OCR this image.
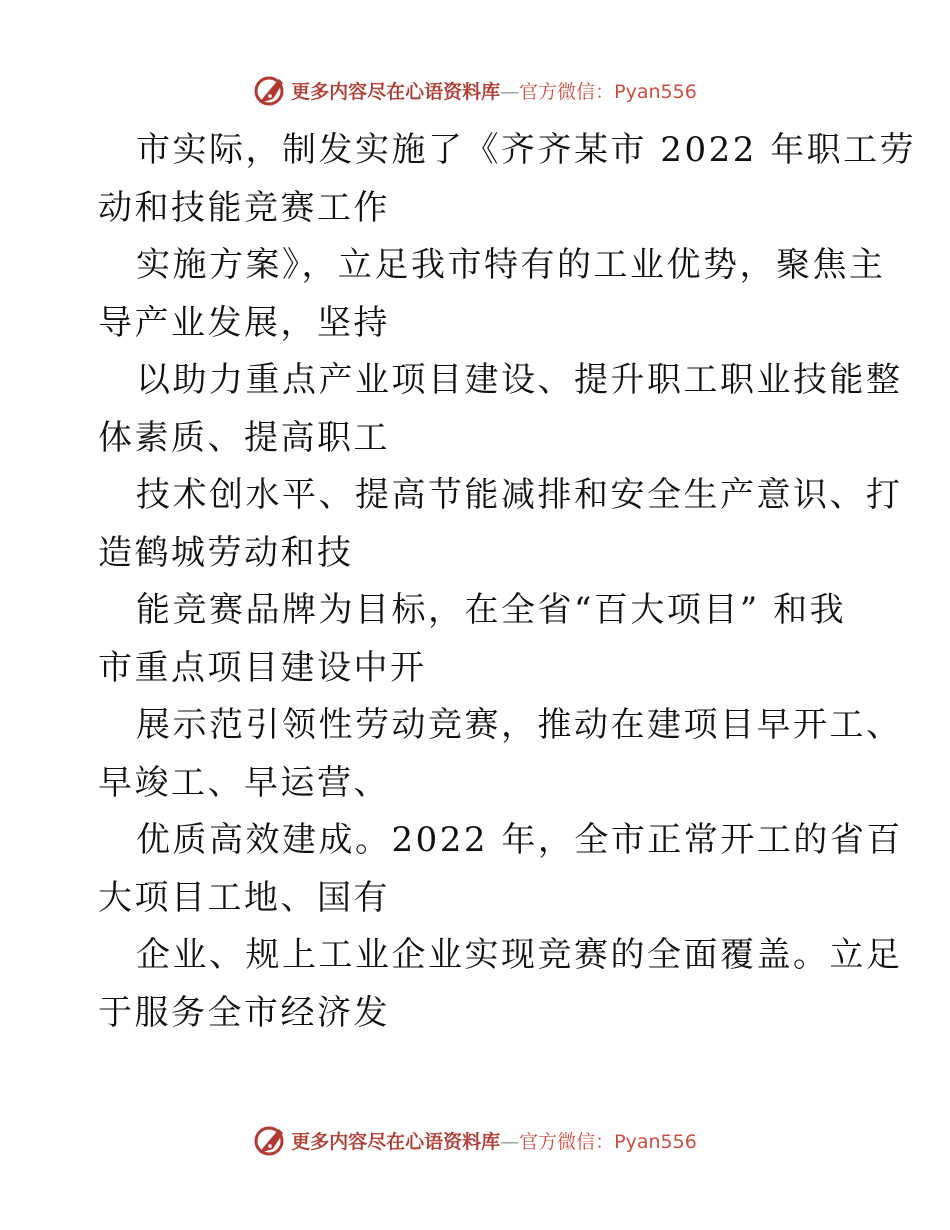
更多内容尽在心语资料库—官方微信：Pyan556
市实际，制发实施了《齐齐某市 2022 年职工劳
动和技能竞赛工作
实施方案》，立足我市特有的工业优势，聚焦主
导产业发展，坚持
以助力重点产业项目建设、提升职工职业技能整
体素质、提高职工
技术创水平、提高节能减排和安全生产意识、打
造鹤城劳动和技
能竞赛品牌为目标，在全省“百大项目” 和我
市重点项目建设中开
展示范引领性劳动竞赛，推动在建项目早开工、
早竣工、早运营、
优质高效建成。2022 年，全市正常开工的省百
大项目工地、国有
企业、规上工业企业实现竞赛的全面覆盖。立足
于服务全市经济发
更多内容尽在心语资料库—官方微信：Pyan556
